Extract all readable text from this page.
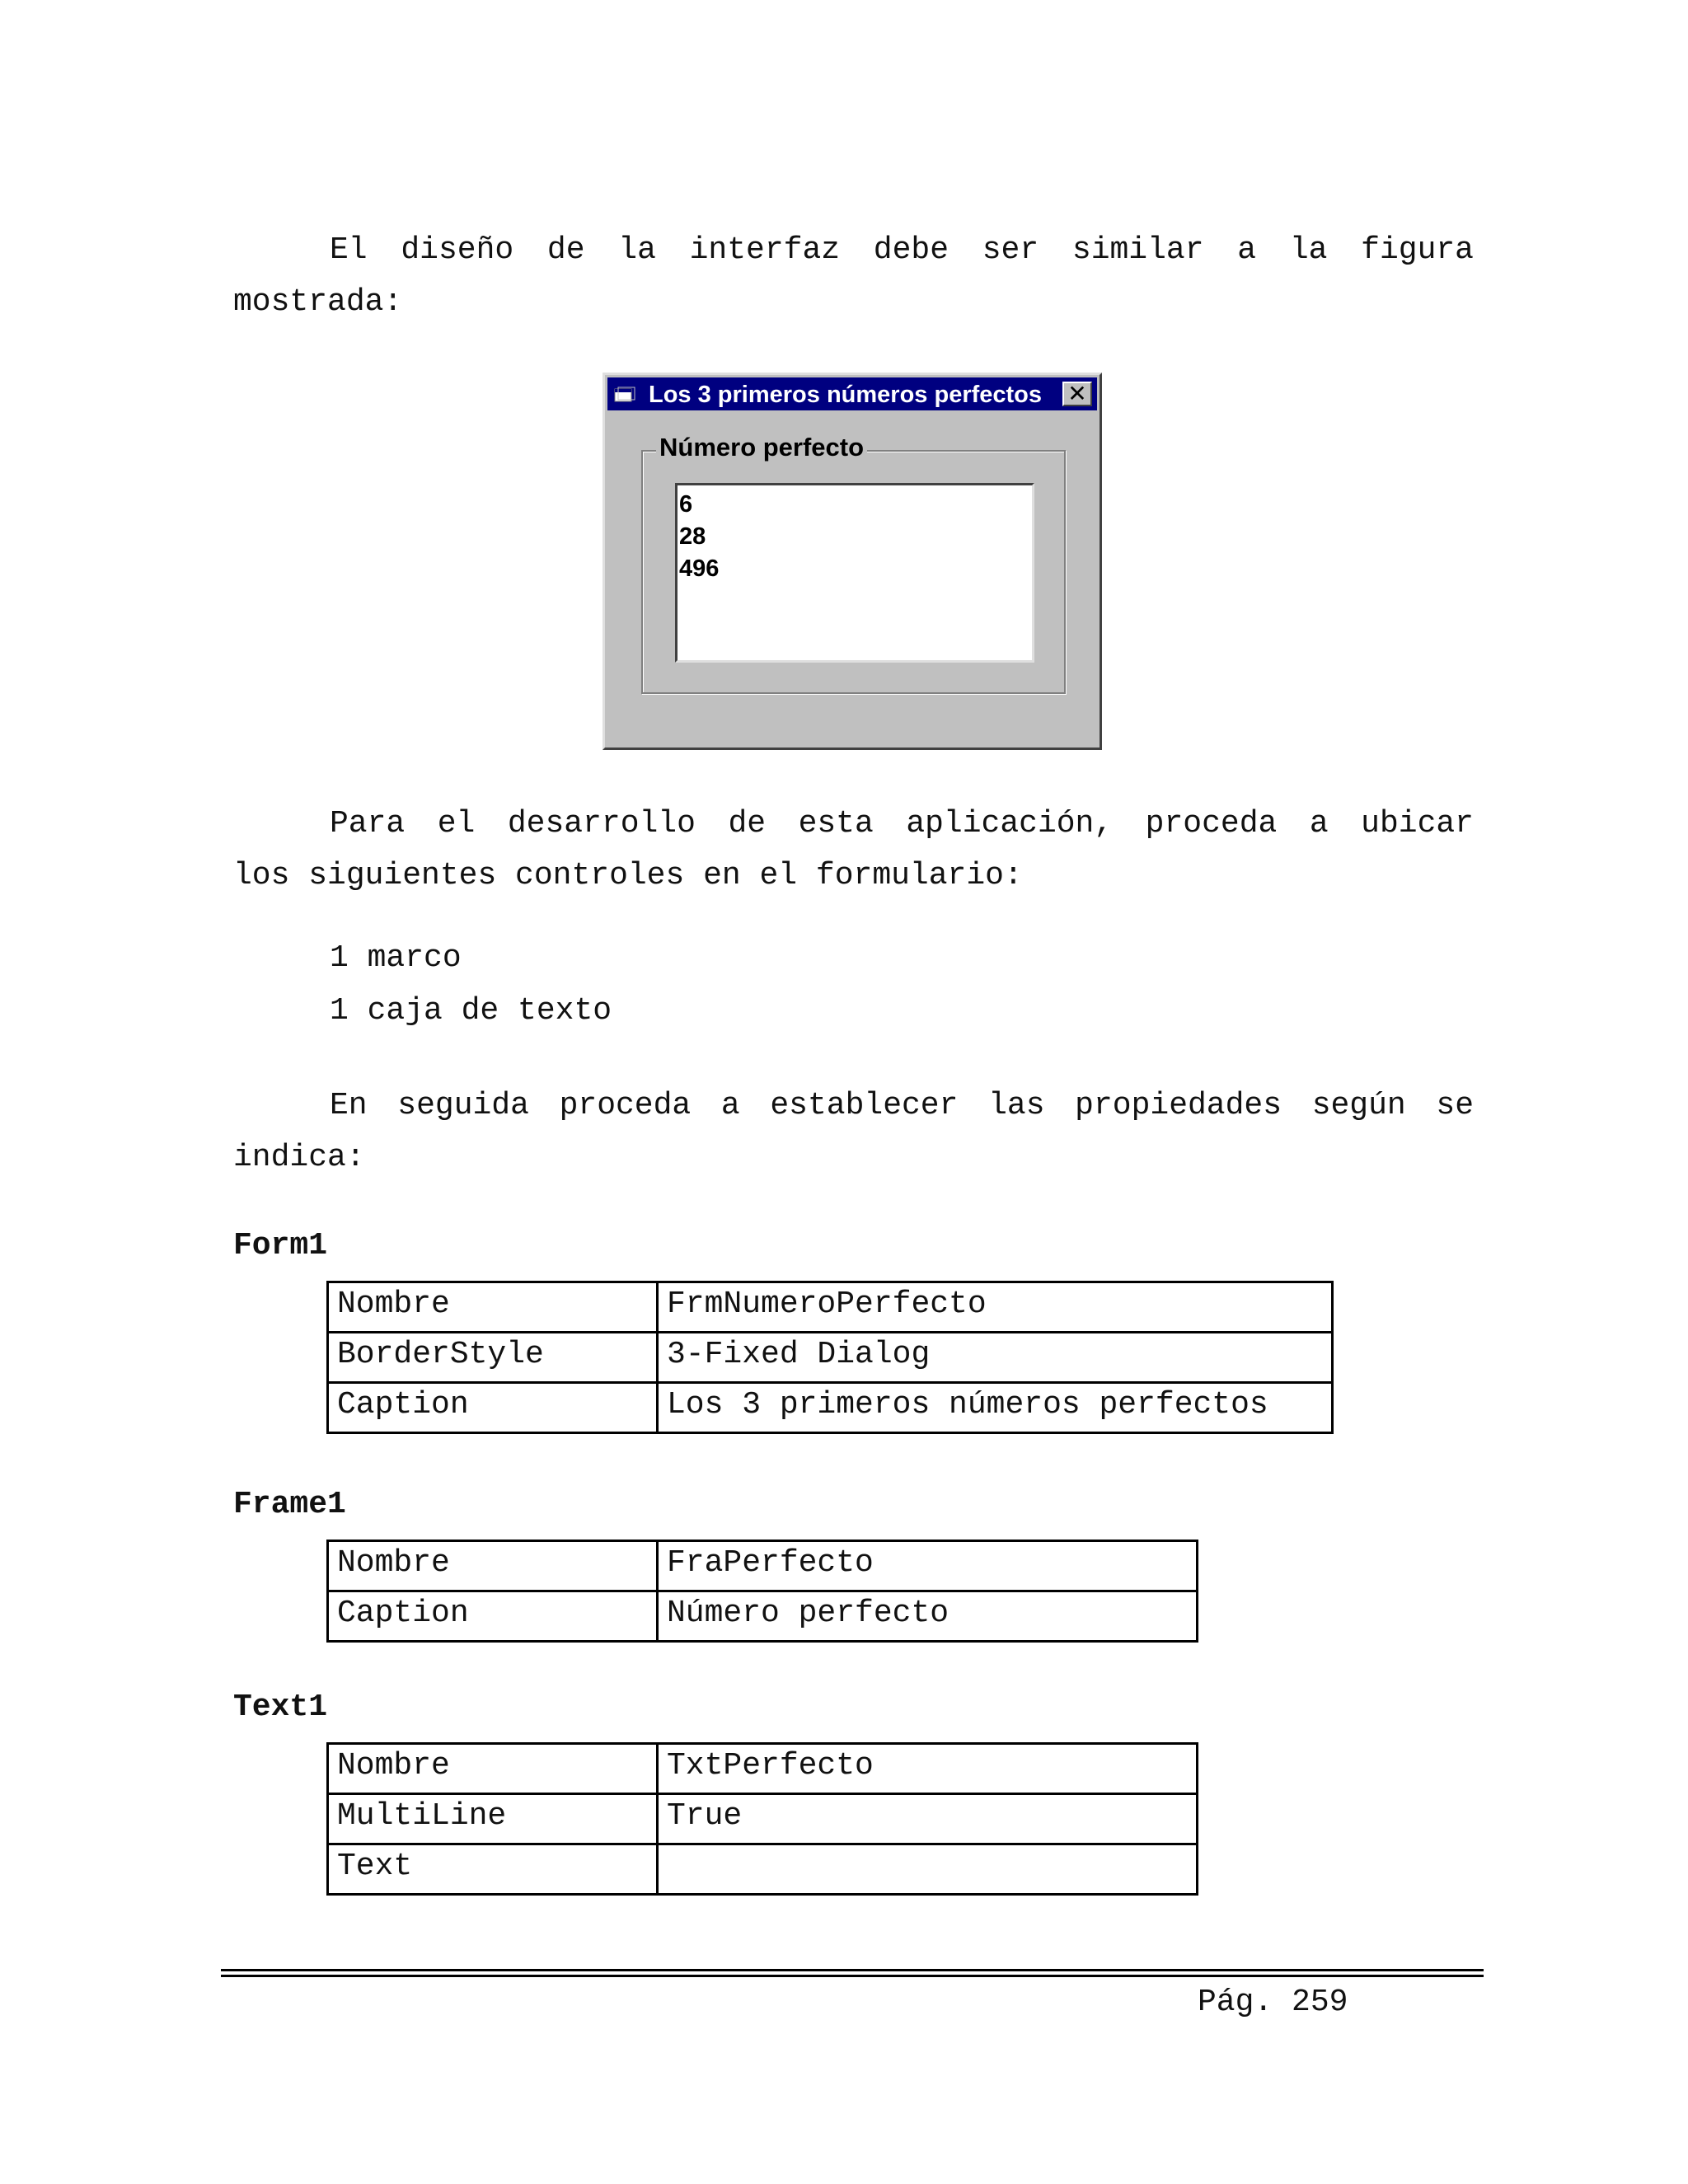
El diseño de la interfaz debe ser similar a la figura
mostrada:
Los 3 primeros números perfectos ✕
Número perfecto
6
28
496
Para el desarrollo de esta aplicación, proceda a ubicar
los siguientes controles en el formulario:
1 marco
1 caja de texto
En seguida proceda a establecer las propiedades según se
indica:
Form1
Nombre	FrmNumeroPerfecto
BorderStyle	3-Fixed Dialog
Caption	Los 3 primeros números perfectos
Frame1
Nombre	FraPerfecto
Caption	Número perfecto
Text1
Nombre	TxtPerfecto
MultiLine	True
Text	
Pág. 259
